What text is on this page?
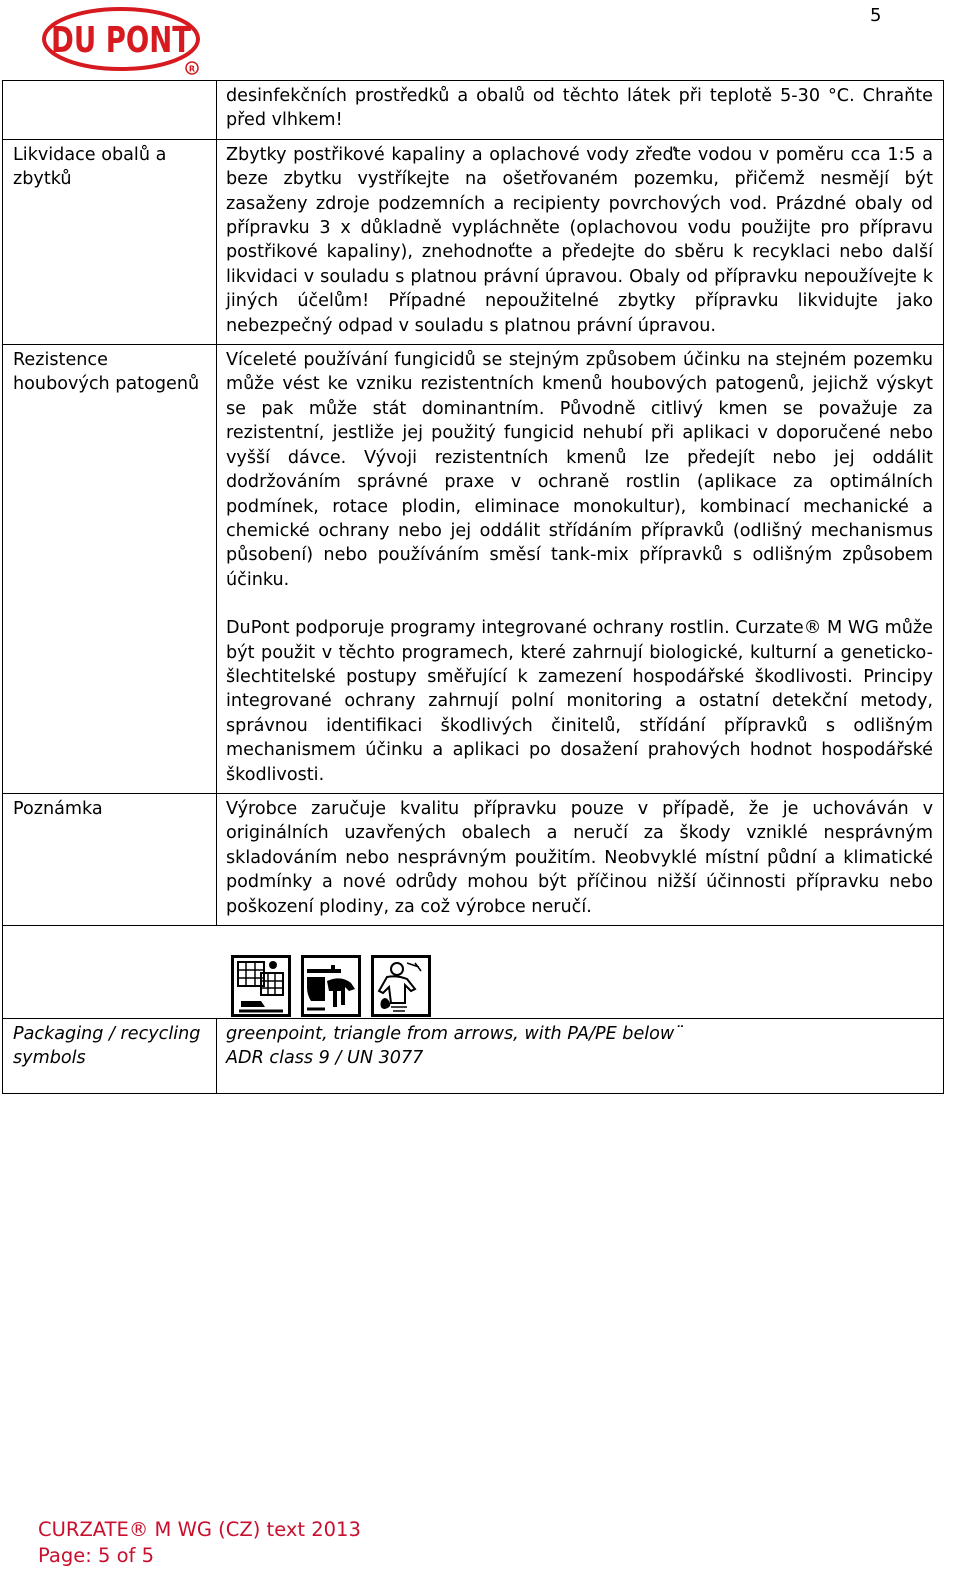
DU PONT
R
5
	desinfekčních prostředků a obalů od těchto látek při teplotě 5-30 °C. Chraňte před vlhkem!
Likvidace obalů a zbytků	Zbytky postřikové kapaliny a oplachové vody zřeďte vodou v poměru cca 1:5 a beze zbytku vystříkejte na ošetřovaném pozemku, přičemž nesmějí být zasaženy zdroje podzemních a recipienty povrchových vod. Prázdné obaly od přípravku 3 x důkladně vypláchněte (oplachovou vodu použijte pro přípravu postřikové kapaliny), znehodnoťte a předejte do sběru k recyklaci nebo další likvidaci v souladu s platnou právní úpravou. Obaly od přípravku nepoužívejte k jiných účelům! Případné nepoužitelné zbytky přípravku likvidujte jako nebezpečný odpad v souladu s platnou právní úpravou.
Rezistence houbových patogenů	Víceleté používání fungicidů se stejným způsobem účinku na stejném pozemku může vést ke vzniku rezistentních kmenů houbových patogenů, jejichž výskyt se pak může stát dominantním. Původně citlivý kmen se považuje za rezistentní, jestliže jej použitý fungicid nehubí při aplikaci v doporučené nebo vyšší dávce. Vývoji rezistentních kmenů lze předejít nebo jej oddálit dodržováním správné praxe v ochraně rostlin (aplikace za optimálních podmínek, rotace plodin, eliminace monokultur), kombinací mechanické a chemické ochrany nebo jej oddálit střídáním přípravků (odlišný mechanismus působení) nebo používáním směsí tank-mix přípravků s odlišným způsobem účinku.
DuPont podporuje programy integrované ochrany rostlin. Curzate® M WG může být použit v těchto programech, které zahrnují biologické, kulturní a geneticko-šlechtitelské postupy směřující k zamezení hospodářské škodlivosti. Principy integrované ochrany zahrnují polní monitoring a ostatní detekční metody, správnou identifikaci škodlivých činitelů, střídání přípravků s odlišným mechanismem účinku a aplikaci po dosažení prahových hodnot hospodářské škodlivosti.

Poznámka	Výrobce zaručuje kvalitu přípravku pouze v případě, že je uchováván v originálních uzavřených obalech a neručí za škody vzniklé nesprávným skladováním nebo nesprávným použitím. Neobvyklé místní půdní a klimatické podmínky a nové odrůdy mohou být příčinou nižší účinnosti přípravku nebo poškození plodiny, za což výrobce neručí.

Packaging / recycling symbols	greenpoint, triangle from arrows, with PA/PE below¨
ADR class 9 / UN 3077
CURZATE® M WG (CZ) text 2013
Page: 5 of 5
